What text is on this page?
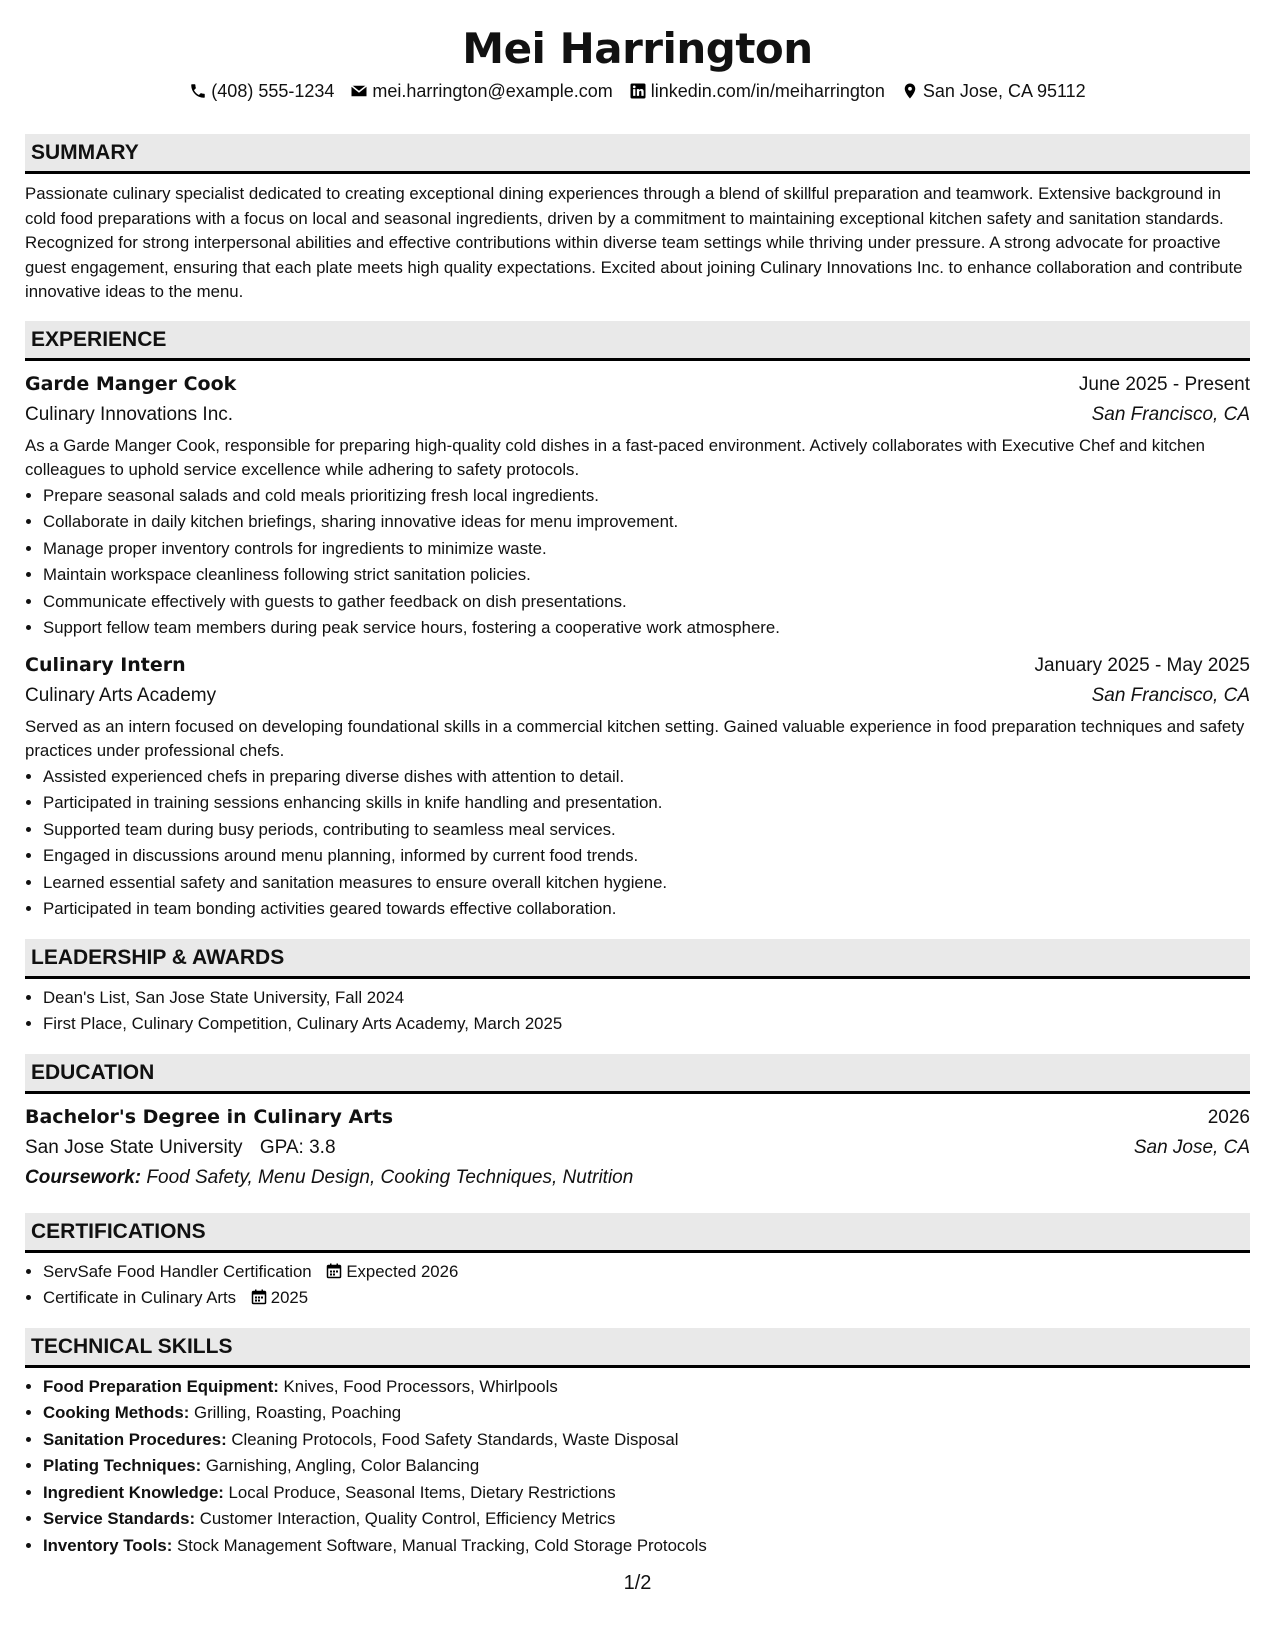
Mei Harrington
(408) 555-1234 mei.harrington@example.com linkedin.com/in/meiharrington San Jose, CA 95112
SUMMARY
Passionate culinary specialist dedicated to creating exceptional dining experiences through a blend of skillful preparation and teamwork. Extensive background in cold food preparations with a focus on local and seasonal ingredients, driven by a commitment to maintaining exceptional kitchen safety and sanitation standards. Recognized for strong interpersonal abilities and effective contributions within diverse team settings while thriving under pressure. A strong advocate for proactive guest engagement, ensuring that each plate meets high quality expectations. Excited about joining Culinary Innovations Inc. to enhance collaboration and contribute innovative ideas to the menu.
EXPERIENCE
Garde Manger Cook	June 2025 - Present
Culinary Innovations Inc.	San Francisco, CA
As a Garde Manger Cook, responsible for preparing high-quality cold dishes in a fast-paced environment. Actively collaborates with Executive Chef and kitchen colleagues to uphold service excellence while adhering to safety protocols.
• Prepare seasonal salads and cold meals prioritizing fresh local ingredients.
• Collaborate in daily kitchen briefings, sharing innovative ideas for menu improvement.
• Manage proper inventory controls for ingredients to minimize waste.
• Maintain workspace cleanliness following strict sanitation policies.
• Communicate effectively with guests to gather feedback on dish presentations.
• Support fellow team members during peak service hours, fostering a cooperative work atmosphere.
Culinary Intern	January 2025 - May 2025
Culinary Arts Academy	San Francisco, CA
Served as an intern focused on developing foundational skills in a commercial kitchen setting. Gained valuable experience in food preparation techniques and safety practices under professional chefs.
• Assisted experienced chefs in preparing diverse dishes with attention to detail.
• Participated in training sessions enhancing skills in knife handling and presentation.
• Supported team during busy periods, contributing to seamless meal services.
• Engaged in discussions around menu planning, informed by current food trends.
• Learned essential safety and sanitation measures to ensure overall kitchen hygiene.
• Participated in team bonding activities geared towards effective collaboration.
LEADERSHIP & AWARDS
• Dean's List, San Jose State University, Fall 2024
• First Place, Culinary Competition, Culinary Arts Academy, March 2025
EDUCATION
Bachelor's Degree in Culinary Arts	2026
San Jose State University GPA: 3.8	San Jose, CA
Coursework: Food Safety, Menu Design, Cooking Techniques, Nutrition
CERTIFICATIONS
• ServSafe Food Handler Certification Expected 2026
• Certificate in Culinary Arts 2025
TECHNICAL SKILLS
• Food Preparation Equipment: Knives, Food Processors, Whirlpools
• Cooking Methods: Grilling, Roasting, Poaching
• Sanitation Procedures: Cleaning Protocols, Food Safety Standards, Waste Disposal
• Plating Techniques: Garnishing, Angling, Color Balancing
• Ingredient Knowledge: Local Produce, Seasonal Items, Dietary Restrictions
• Service Standards: Customer Interaction, Quality Control, Efficiency Metrics
• Inventory Tools: Stock Management Software, Manual Tracking, Cold Storage Protocols
1/2
